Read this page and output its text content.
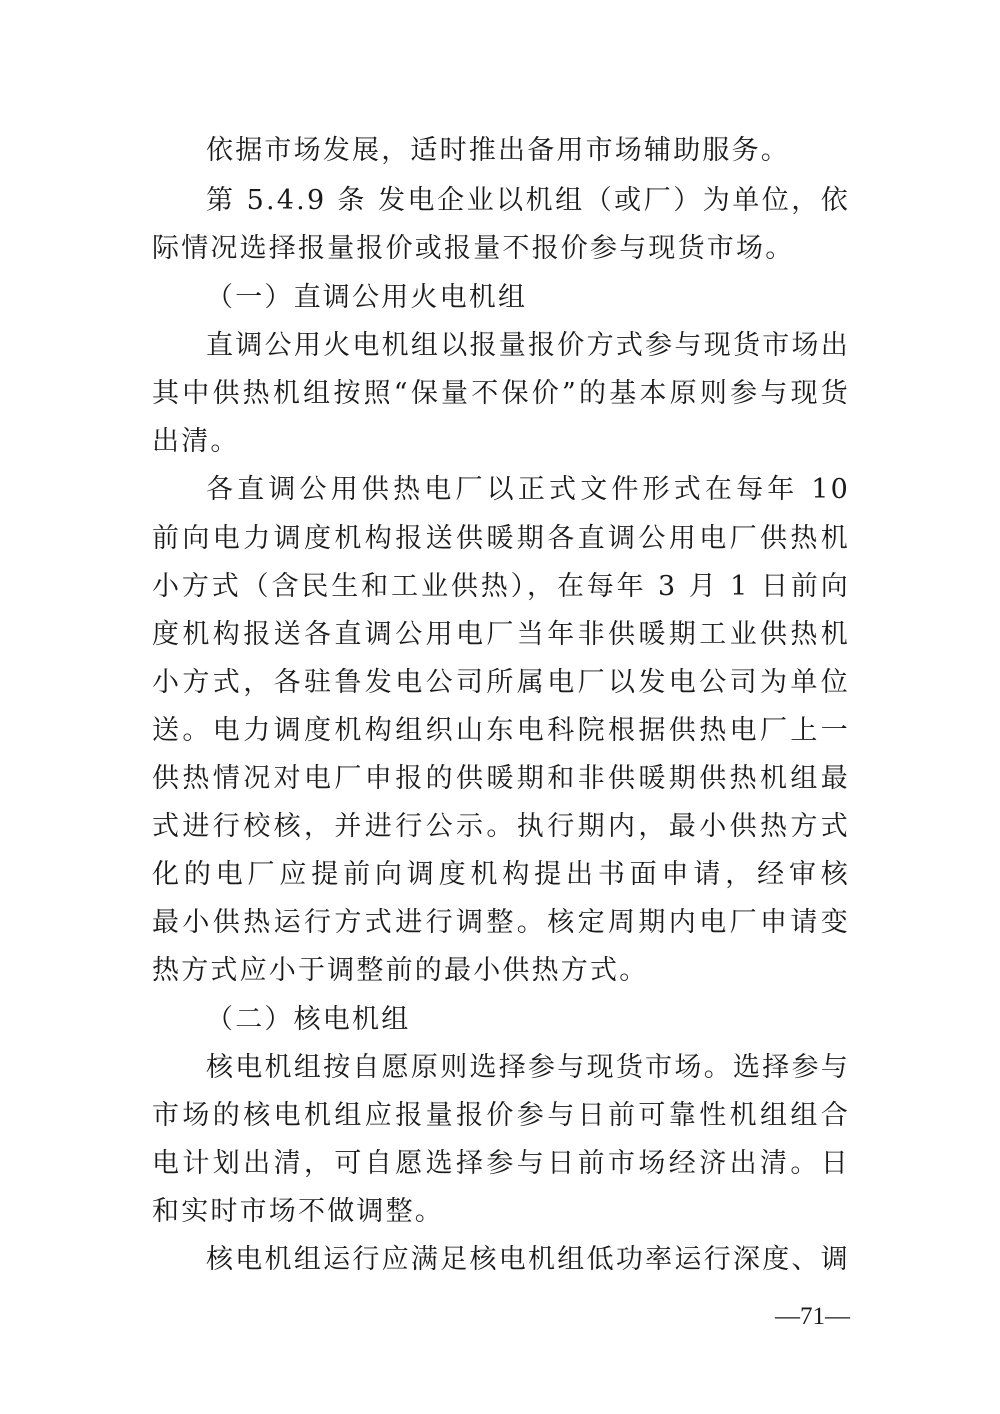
依据市场发展，适时推出备用市场辅助服务。
第 5.4.9 条 发电企业以机组（或厂）为单位，依
际情况选择报量报价或报量不报价参与现货市场。
（一）直调公用火电机组
直调公用火电机组以报量报价方式参与现货市场出
其中供热机组按照“保量不保价”的基本原则参与现货
出清。
各直调公用供热电厂以正式文件形式在每年 10
前向电力调度机构报送供暖期各直调公用电厂供热机
小方式（含民生和工业供热），在每年 3 月 1 日前向
度机构报送各直调公用电厂当年非供暖期工业供热机
小方式，各驻鲁发电公司所属电厂以发电公司为单位
送。电力调度机构组织山东电科院根据供热电厂上一
供热情况对电厂申报的供暖期和非供暖期供热机组最
式进行校核，并进行公示。执行期内，最小供热方式
化的电厂应提前向调度机构提出书面申请，经审核
最小供热运行方式进行调整。核定周期内电厂申请变
热方式应小于调整前的最小供热方式。
（二）核电机组
核电机组按自愿原则选择参与现货市场。选择参与
市场的核电机组应报量报价参与日前可靠性机组组合
电计划出清，可自愿选择参与日前市场经济出清。日
和实时市场不做调整。
核电机组运行应满足核电机组低功率运行深度、调
—71—
